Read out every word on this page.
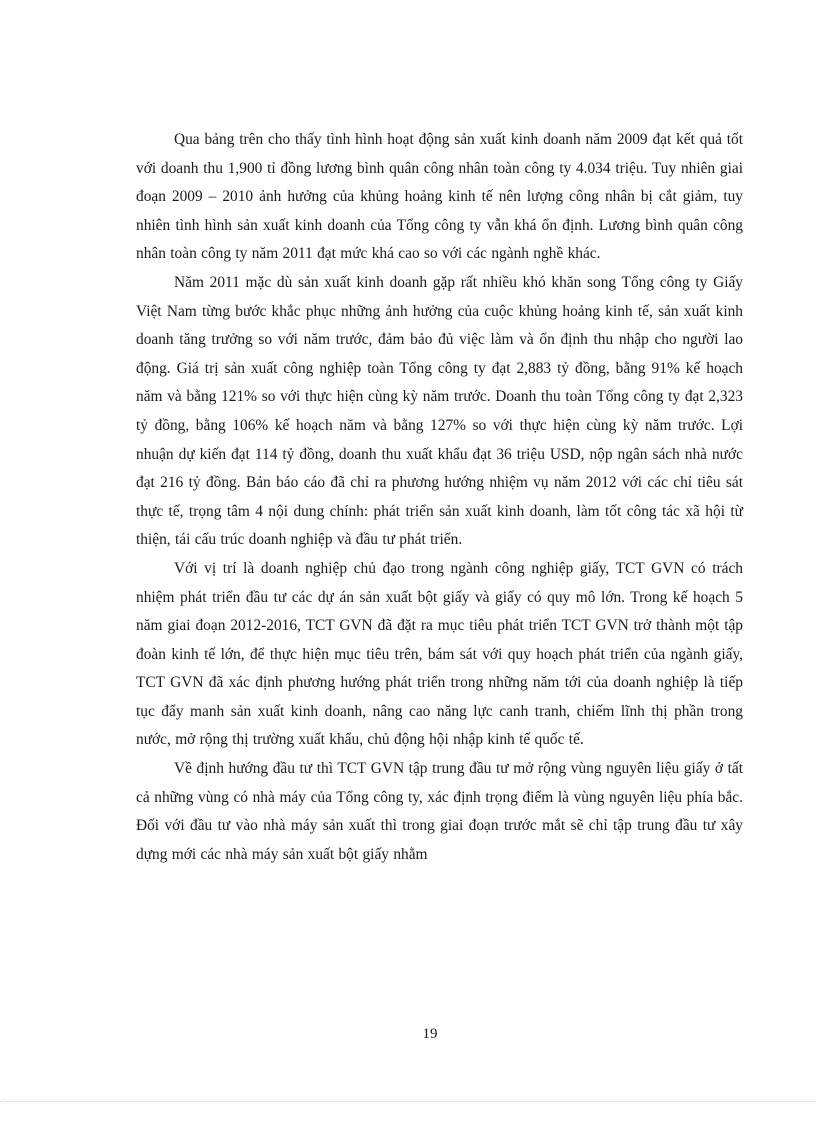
Qua bảng trên cho thấy tình hình hoạt động sản xuất kinh doanh năm 2009 đạt kết quả tốt với doanh thu 1,900 tỉ đồng lương bình quân công nhân toàn công ty 4.034 triệu. Tuy nhiên giai đoạn 2009 – 2010 ảnh hưởng của khủng hoảng kinh tế nên lượng công nhân bị cắt giảm, tuy nhiên tình hình sản xuất kinh doanh của Tổng công ty vẫn khá ổn định. Lương bình quân công nhân toàn công ty năm 2011 đạt mức khá cao so với các ngành nghề khác.

Năm 2011 mặc dù sản xuất kinh doanh gặp rất nhiều khó khăn song Tổng công ty Giấy Việt Nam từng bước khắc phục những ảnh hưởng của cuộc khủng hoảng kinh tế, sản xuất kinh doanh tăng trưởng so với năm trước, đảm bảo đủ việc làm và ổn định thu nhập cho người lao động. Giá trị sản xuất công nghiệp toàn Tổng công ty đạt 2,883 tỷ đồng, bằng 91% kế hoạch năm và bằng 121% so với thực hiện cùng kỳ năm trước. Doanh thu toàn Tổng công ty đạt 2,323 tỷ đồng, bằng 106% kế hoạch năm và bằng 127% so với thực hiện cùng kỳ năm trước. Lợi nhuận dự kiến đạt 114 tỷ đồng, doanh thu xuất khẩu đạt 36 triệu USD, nộp ngân sách nhà nước đạt 216 tỷ đồng. Bản báo cáo đã chỉ ra phương hướng nhiệm vụ năm 2012 với các chỉ tiêu sát thực tế, trọng tâm 4 nội dung chính: phát triển sản xuất kinh doanh, làm tốt công tác xã hội từ thiện, tái cấu trúc doanh nghiệp và đầu tư phát triển.

Với vị trí là doanh nghiệp chủ đạo trong ngành công nghiệp giấy, TCT GVN có trách nhiệm phát triển đầu tư các dự án sản xuất bột giấy và giấy có quy mô lớn. Trong kế hoạch 5 năm giai đoạn 2012-2016, TCT GVN đã đặt ra mục tiêu phát triển TCT GVN trở thành một tập đoàn kinh tế lớn, để thực hiện mục tiêu trên, bám sát với quy hoạch phát triển của ngành giấy, TCT GVN đã xác định phương hướng phát triển trong những năm tới của doanh nghiệp là tiếp tục đẩy manh sản xuất kinh doanh, nâng cao năng lực canh tranh, chiếm lĩnh thị phần trong nước, mở rộng thị trường xuất khẩu, chủ động hội nhập kinh tế quốc tế.

Về định hướng đầu tư thì TCT GVN tập trung đầu tư mở rộng vùng nguyên liệu giấy ở tất cả những vùng có nhà máy của Tổng công ty, xác định trọng điểm là vùng nguyên liệu phía bắc. Đối với đầu tư vào nhà máy sản xuất thì trong giai đoạn trước mắt sẽ chỉ tập trung đầu tư xây dựng mới các nhà máy sản xuất bột giấy nhằm

19
